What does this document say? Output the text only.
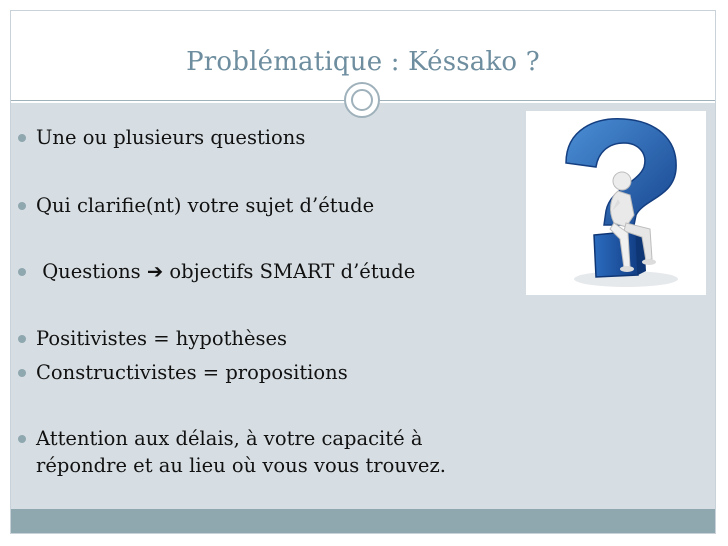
Problématique : Késsako ?
Une ou plusieurs questions
Qui clarifie(nt) votre sujet d’étude
Questions ➔ objectifs SMART d’étude
Positivistes = hypothèses
Constructivistes = propositions
Attention aux délais, à votre capacité à
répondre et au lieu où vous vous trouvez.
